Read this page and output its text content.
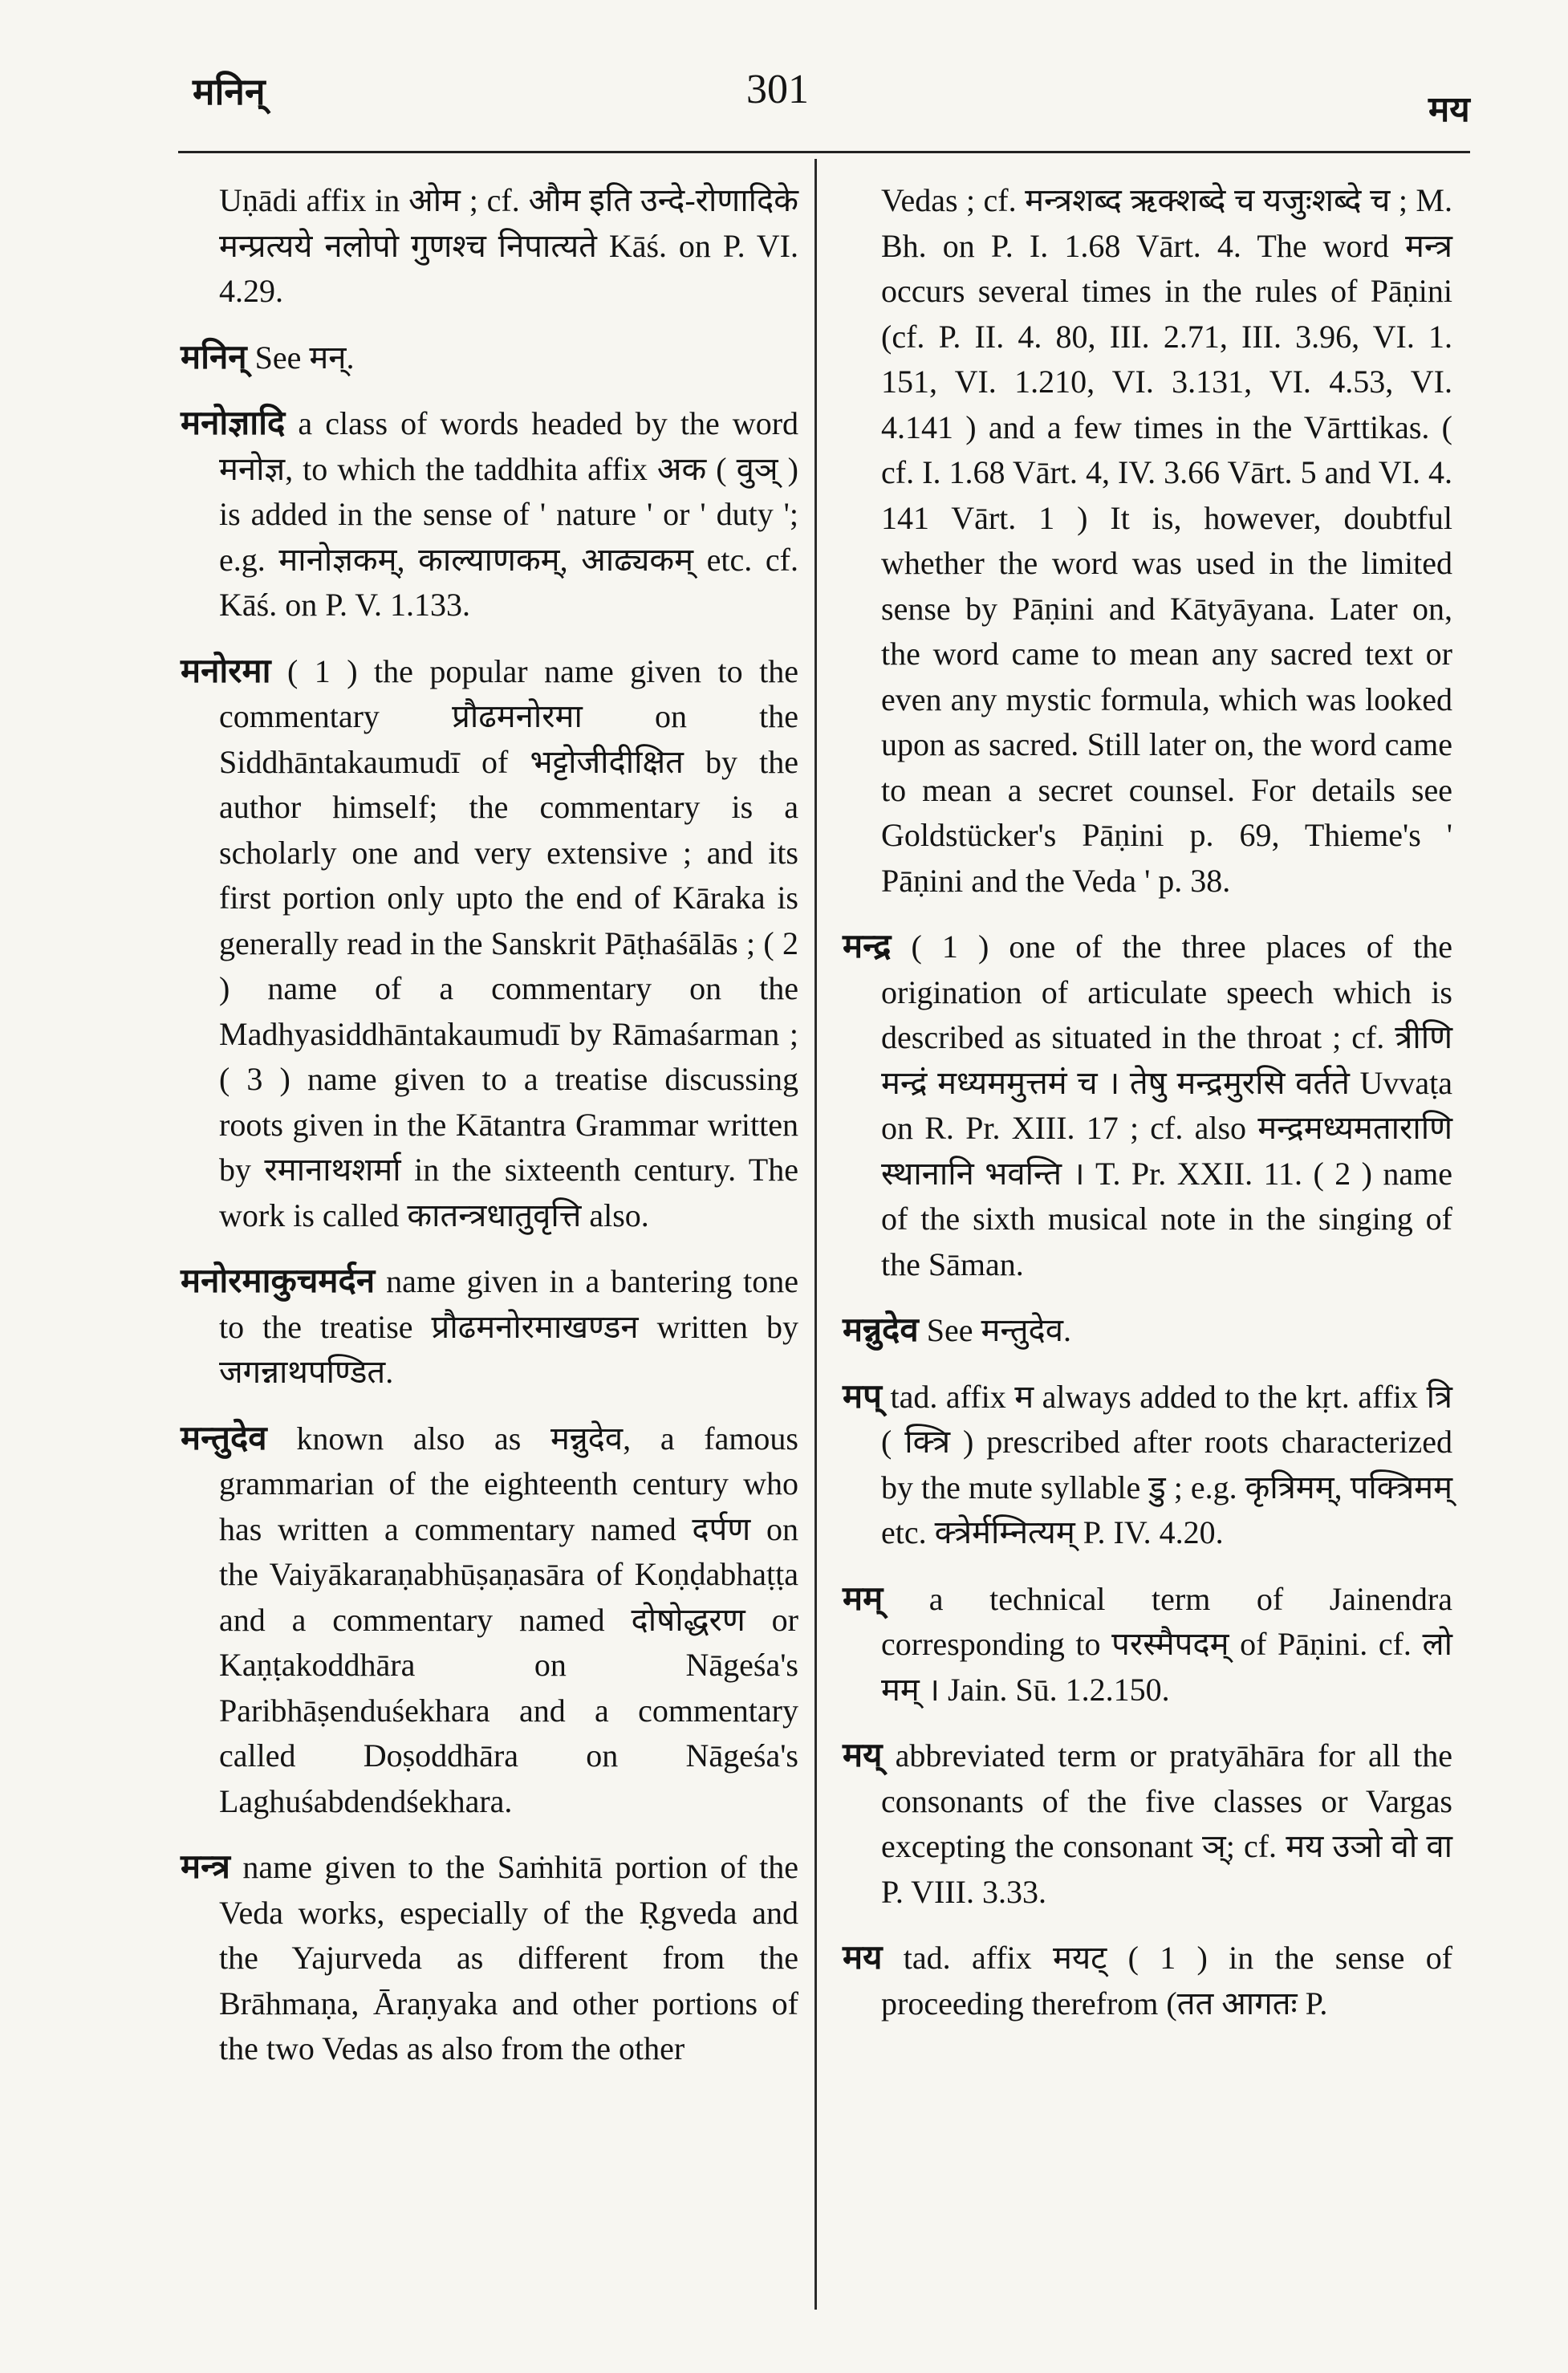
मनिन्	301	मय

Uṇādi affix in ओम ; cf. औम इति उन्दे-रोणादिके मन्प्रत्यये नलोपो गुणश्च निपात्यते Kāś. on P. VI. 4.29.

मनिन् See मन्.

मनोज्ञादि a class of words headed by the word मनोज्ञ, to which the taddhita affix अक ( वुञ् ) is added in the sense of ' nature ' or ' duty '; e.g. मानोज्ञकम्, काल्याणकम्, आढ्यकम् etc. cf. Kāś. on P. V. 1.133.

मनोरमा ( 1 ) the popular name given to the commentary प्रौढमनोरमा on the Siddhāntakaumudī of भट्टोजीदीक्षित by the author himself; the commentary is a scholarly one and very extensive ; and its first portion only upto the end of Kāraka is generally read in the Sanskrit Pāṭhaśālās ; ( 2 ) name of a commentary on the Madhyasiddhāntakaumudī by Rāmaśarman ; ( 3 ) name given to a treatise discussing roots given in the Kātantra Grammar written by रमानाथशर्मा in the sixteenth century. The work is called कातन्त्रधातुवृत्ति also.

मनोरमाकुचमर्दन name given in a bantering tone to the treatise प्रौढमनोरमाखण्डन written by जगन्नाथपण्डित.

मन्तुदेव known also as मन्नुदेव, a famous grammarian of the eighteenth century who has written a commentary named दर्पण on the Vaiyākaraṇabhūṣaṇasāra of Koṇḍabhaṭṭa and a commentary named दोषोद्धरण or Kaṇṭakoddhāra on Nāgeśa's Paribhāṣenduśekhara and a commentary called Doṣoddhāra on Nāgeśa's Laghuśabdendśekhara.

मन्त्र name given to the Saṁhitā portion of the Veda works, especially of the Ṛgveda and the Yajurveda as different from the Brāhmaṇa, Āraṇyaka and other portions of the two Vedas as also from the other

Vedas ; cf. मन्त्रशब्द ऋक्शब्दे च यजुःशब्दे च ; M. Bh. on P. I. 1.68 Vārt. 4. The word मन्त्र occurs several times in the rules of Pāṇini (cf. P. II. 4. 80, III. 2.71, III. 3.96, VI. 1. 151, VI. 1.210, VI. 3.131, VI. 4.53, VI. 4.141 ) and a few times in the Vārttikas. ( cf. I. 1.68 Vārt. 4, IV. 3.66 Vārt. 5 and VI. 4. 141 Vārt. 1 ) It is, however, doubtful whether the word was used in the limited sense by Pāṇini and Kātyāyana. Later on, the word came to mean any sacred text or even any mystic formula, which was looked upon as sacred. Still later on, the word came to mean a secret counsel. For details see Goldstücker's Pāṇini p. 69, Thieme's ' Pāṇini and the Veda ' p. 38.

मन्द्र ( 1 ) one of the three places of the origination of articulate speech which is described as situated in the throat ; cf. त्रीणि मन्द्रं मध्यममुत्तमं च । तेषु मन्द्रमुरसि वर्तते Uvvaṭa on R. Pr. XIII. 17 ; cf. also मन्द्रमध्यमताराणि स्थानानि भवन्ति । T. Pr. XXII. 11. ( 2 ) name of the sixth musical note in the singing of the Sāman.

मन्नुदेव See मन्तुदेव.

मप् tad. affix म always added to the kṛt. affix त्रि ( क्त्रि ) prescribed after roots characterized by the mute syllable डु ; e.g. कृत्रिमम्, पक्त्रिमम् etc. क्त्रेर्मम्नित्यम् P. IV. 4.20.

मम् a technical term of Jainendra corresponding to परस्मैपदम् of Pāṇini. cf. लो मम् । Jain. Sū. 1.2.150.

मय् abbreviated term or pratyāhāra for all the consonants of the five classes or Vargas excepting the consonant ञ्; cf. मय उञो वो वा P. VIII. 3.33.

मय tad. affix मयट् ( 1 ) in the sense of proceeding therefrom (तत आगतः P.
